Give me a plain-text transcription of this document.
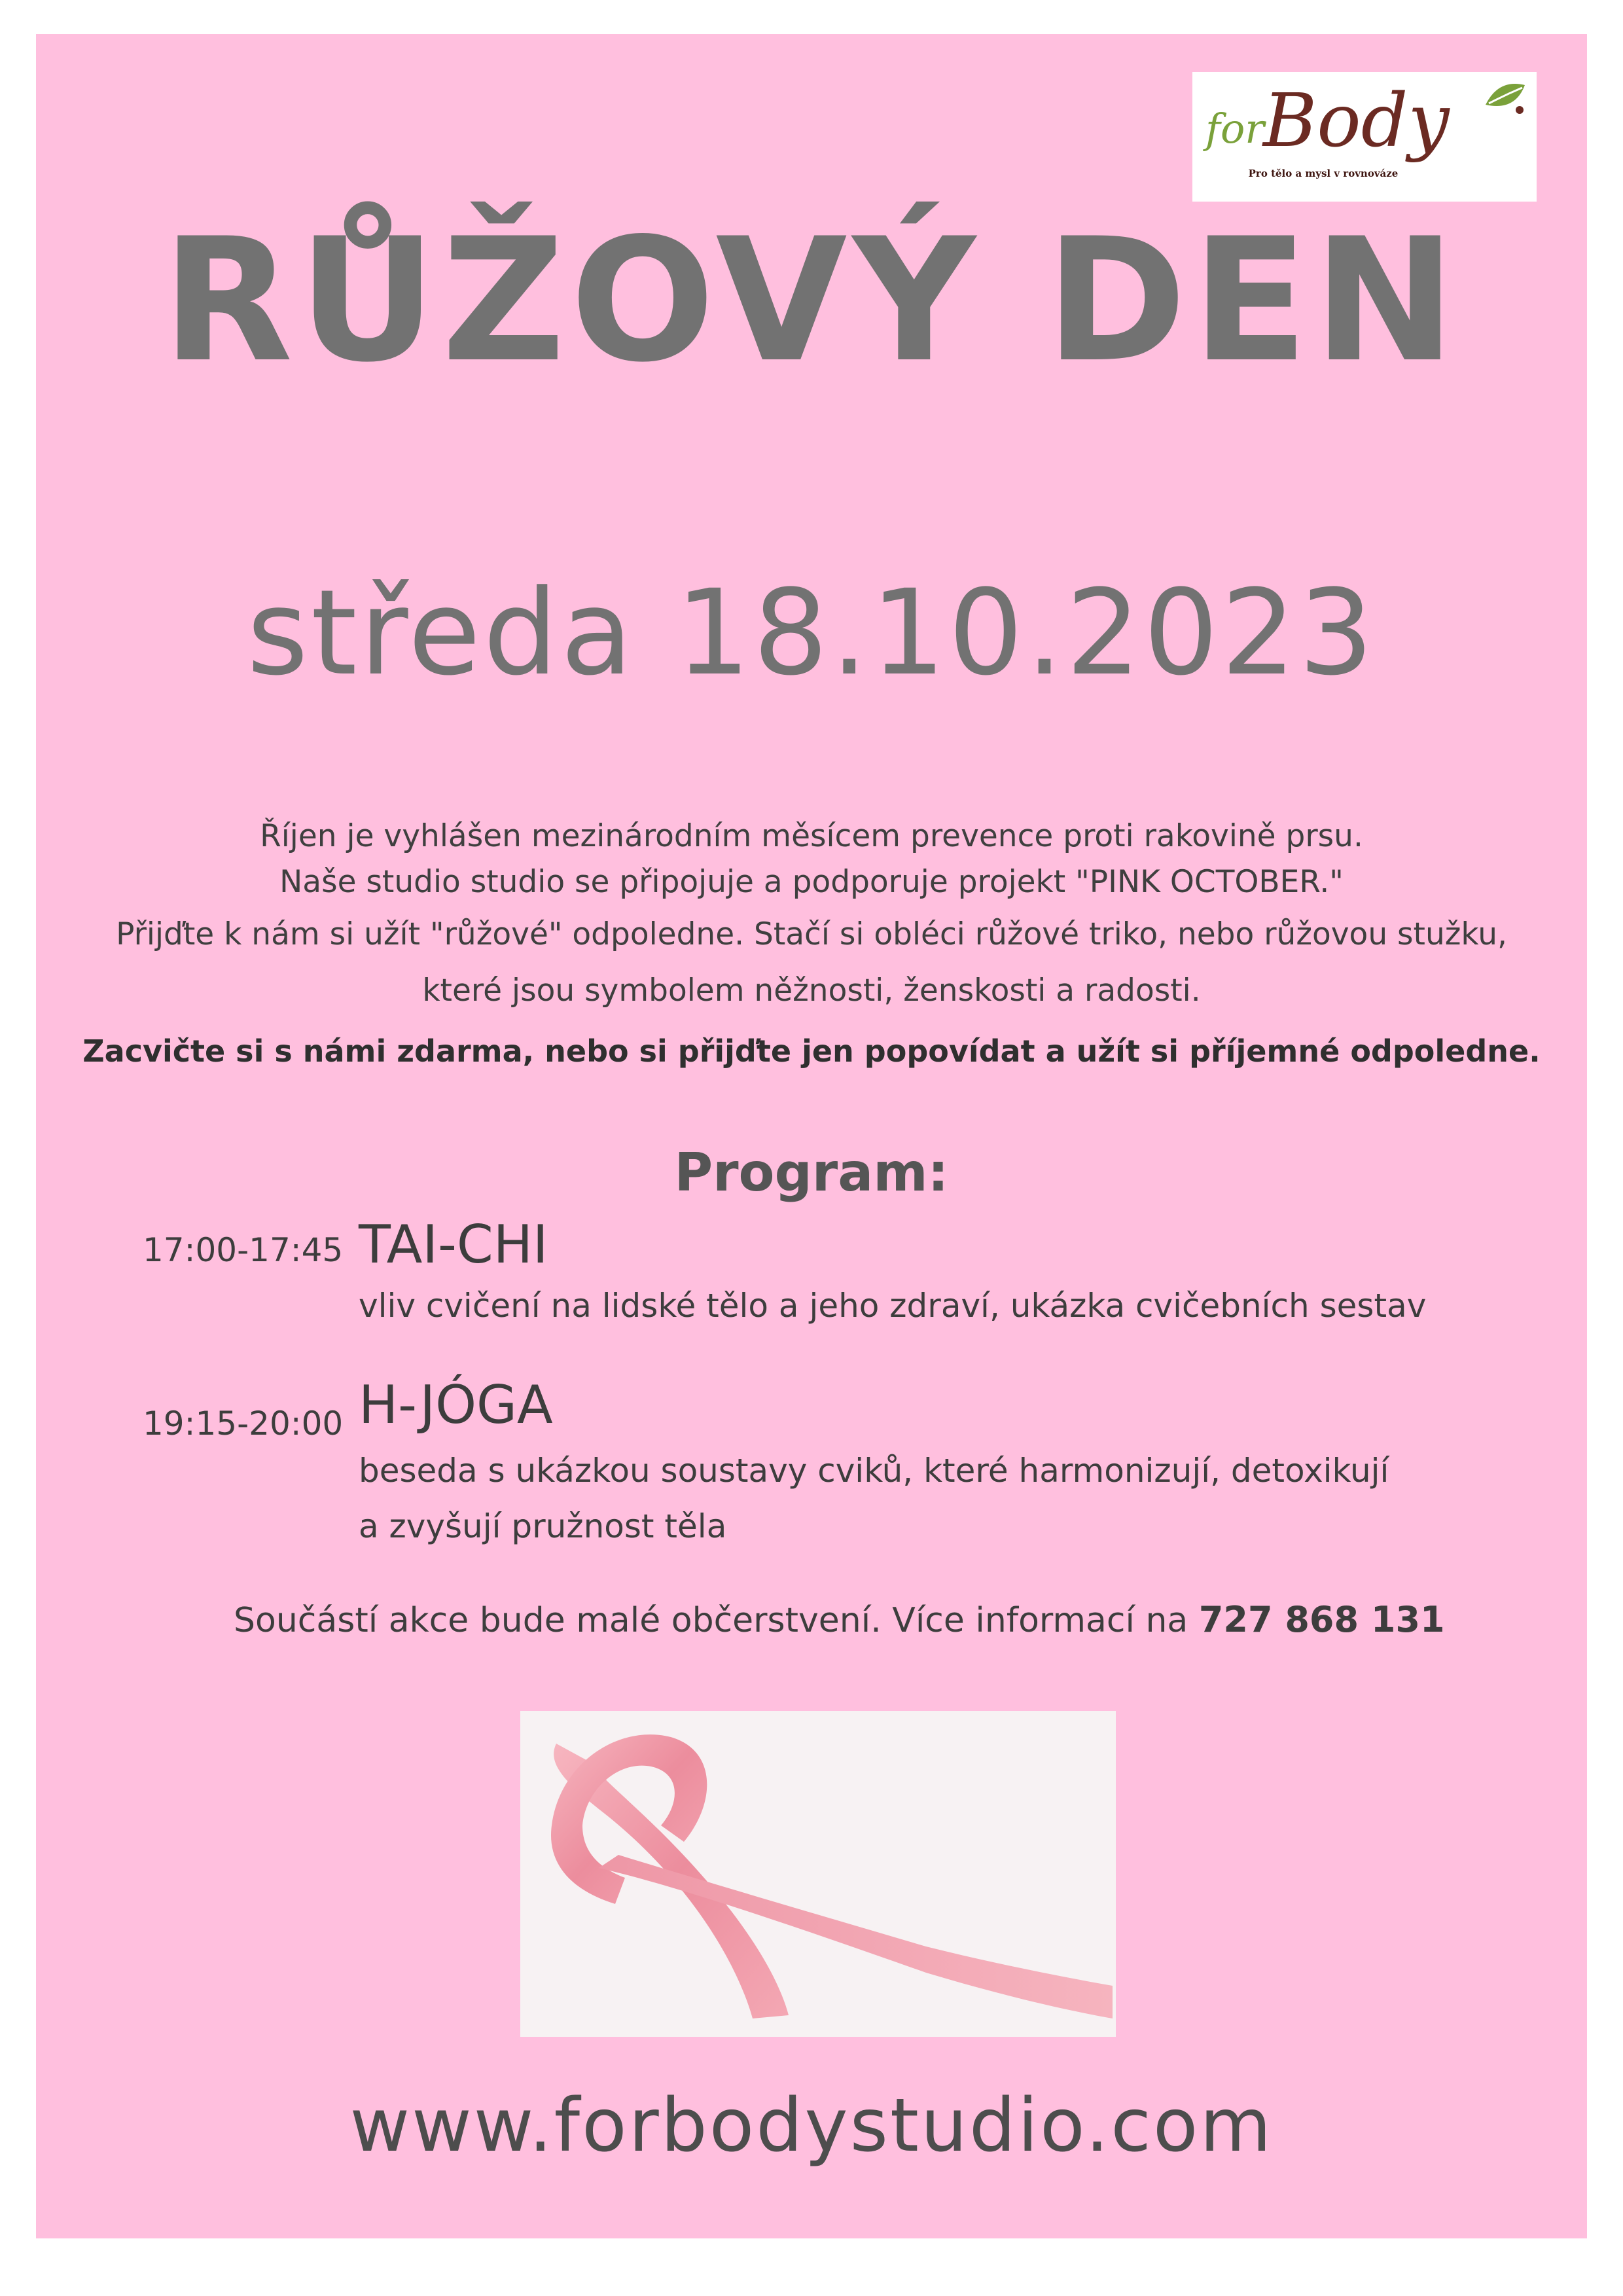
for
Body
Pro tělo a mysl v rovnováze
RŮŽOVÝ DEN
středa 18.10.2023
Říjen je vyhlášen mezinárodním měsícem prevence proti rakovině prsu.
Naše studio studio se připojuje a podporuje projekt "PINK OCTOBER."
Přijďte k nám si užít "růžové" odpoledne. Stačí si obléci růžové triko, nebo růžovou stužku,
které jsou symbolem něžnosti, ženskosti a radosti.
Zacvičte si s námi zdarma, nebo si přijďte jen popovídat a užít si příjemné odpoledne.
Program:
17:00-17:45 TAI-CHI
vliv cvičení na lidské tělo a jeho zdraví, ukázka cvičebních sestav
19:15-20:00 H-JÓGA
beseda s ukázkou soustavy cviků, které harmonizují, detoxikují
a zvyšují pružnost těla
Součástí akce bude malé občerstvení. Více informací na 727 868 131
www.forbodystudio.com
